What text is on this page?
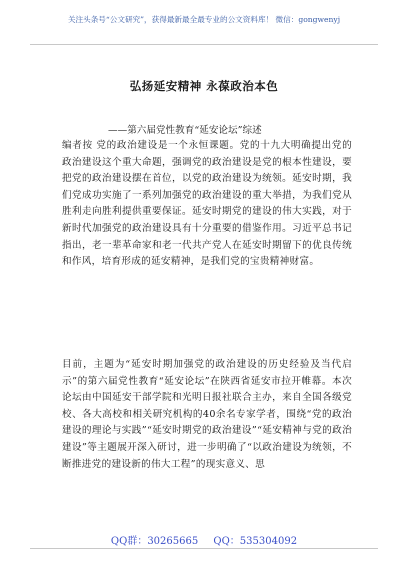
关注头条号“公文研究”，获得最新最全最专业的公文资料库！ 微信：gongwenyj
弘扬延安精神 永葆政治本色
——第六届党性教育“延安论坛”综述
编者按 党的政治建设是一个永恒课题。党的十九大明确提出党的政治建设这个重大命题，强调党的政治建设是党的根本性建设，要把党的政治建设摆在首位，以党的政治建设为统领。延安时期，我们党成功实施了一系列加强党的政治建设的重大举措，为我们党从胜利走向胜利提供重要保证。延安时期党的建设的伟大实践，对于新时代加强党的政治建设具有十分重要的借鉴作用。习近平总书记指出，老一辈革命家和老一代共产党人在延安时期留下的优良传统和作风，培育形成的延安精神，是我们党的宝贵精神财富。
目前，主题为“延安时期加强党的政治建设的历史经验及当代启示”的第六届党性教育“延安论坛”在陕西省延安市拉开帷幕。本次论坛由中国延安干部学院和光明日报社联合主办，来自全国各级党校、各大高校和相关研究机构的40余名专家学者，围绕“党的政治建设的理论与实践”“延安时期党的政治建设”“延安精神与党的政治建设”等主题展开深入研讨，进一步明确了“以政治建设为统领，不断推进党的建设新的伟大工程”的现实意义、思
QQ群：30265665 QQ：535304092
